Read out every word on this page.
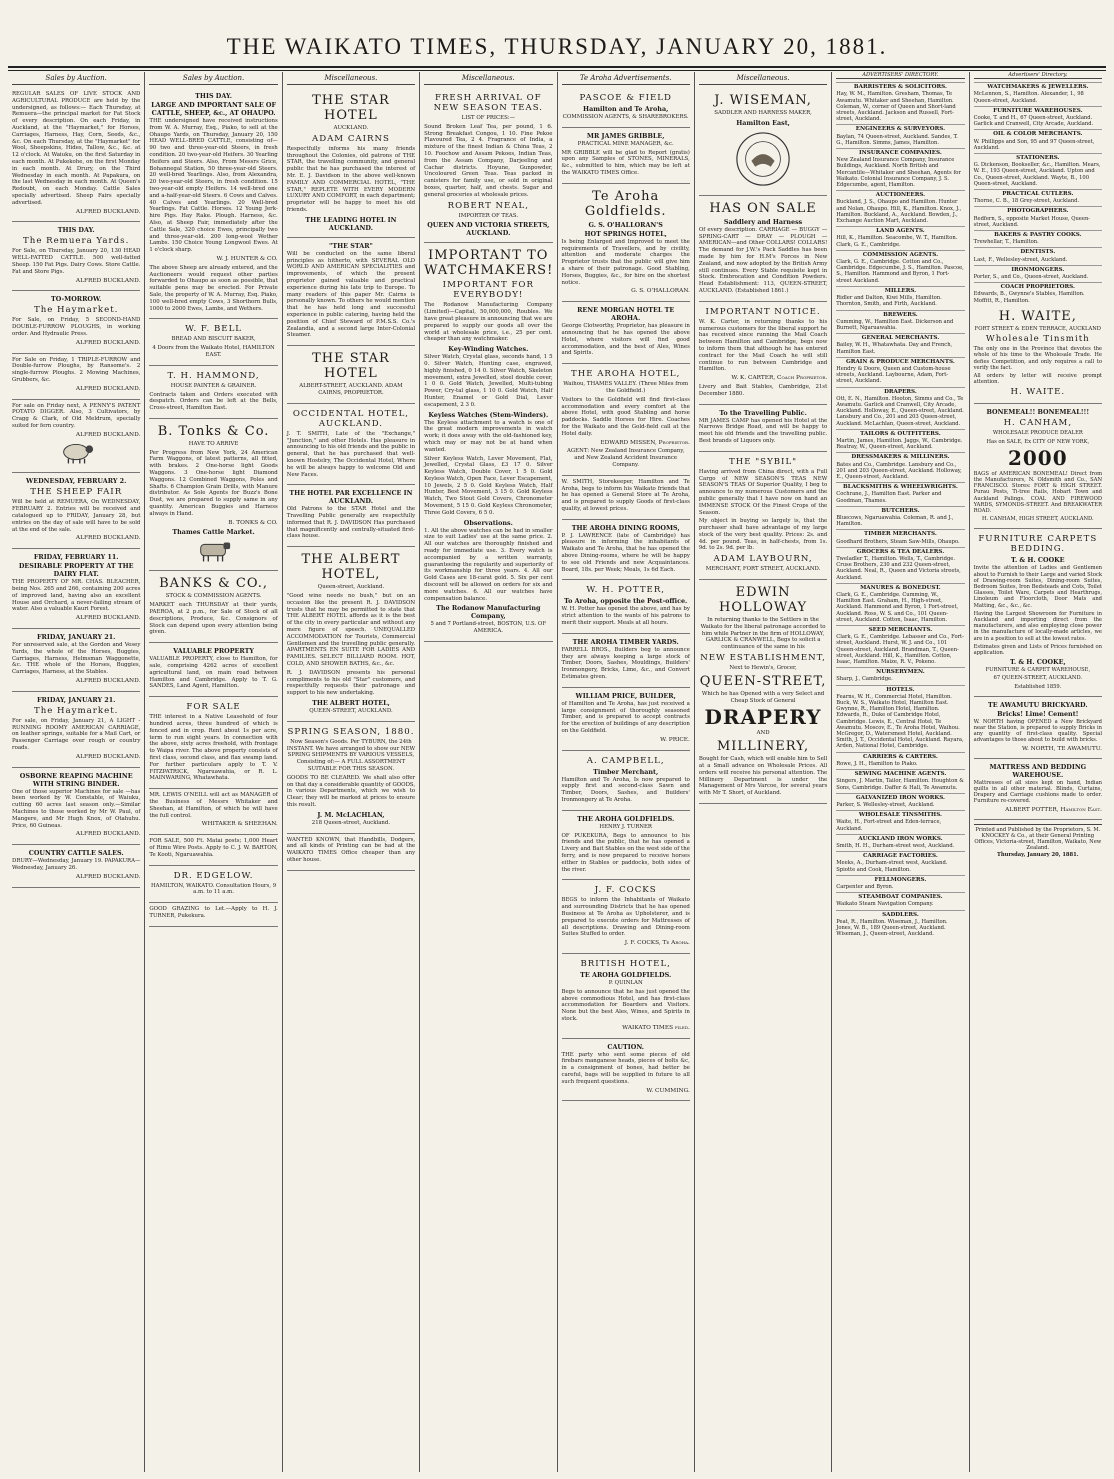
THE WAIKATO TIMES, THURSDAY, JANUARY 20, 1881.
Sales by Auction.

REGULAR SALES OF LIVE STOCK AND AGRICULTURAL PRODUCE are held by the undersigned, as follows:— Each Thursday, at Remuera—the principal market for Fat Stock of every description. On each Friday, in Auckland, at the "Haymarket," for Horses, Carriages, Harness, Hay, Corn, Seeds, &c., &c. On each Thursday, at the "Haymarket" for Wool, Sheepskins, Hides, Tallow, &c., &c. at 12 o'clock. At Waiuku, on the first Saturday in each month. At Pukekohe, on the first Monday in each month. At Drury, on the Third Wednesday in each month. At Papakura, on the last Wednesday in each month. At Queen's Redoubt, on each Monday. Cattle Sales specially advertised. Sheep Fairs specially advertised.

ALFRED BUCKLAND.

THIS DAY.
The Remuera Yards.

For Sale, on Thursday, January 20, 130 HEAD WELL-FATTED CATTLE. 500 well-fatted Sheep. 150 Fat Pigs. Dairy Cows. Store Cattle. Fat and Store Pigs.

ALFRED BUCKLAND.

TO-MORROW.
The Haymarket.

For Sale, on Friday, 5 SECOND-HAND DOUBLE-FURROW PLOUGHS, in working order. And Hydraulic Press.

ALFRED BUCKLAND.

For Sale on Friday, 1 TRIPLE-FURROW and Double-furrow Ploughs, by Ransome's. 2 single-furrow Ploughs. 2 Mowing Machines, Grubbers, &c.

ALFRED BUCKLAND.

For sale on Friday next, A PENNY'S PATENT POTATO DIGGER. Also, 3 Cultivators, by Cragg & Clark, of Old Meldrum, specially suited for fern country.

ALFRED BUCKLAND.

WEDNESDAY, FEBRUARY 2.
THE SHEEP FAIR

Will be held at REMUERA, On WEDNESDAY, FEBRUARY 2. Entries will be received and catalogued up to FRIDAY, January 28, but entries on the day of sale will have to be sold at the end of the sale.

ALFRED BUCKLAND.

FRIDAY, FEBRUARY 11.
DESIRABLE PROPERTY AT THE DAIRY FLAT.

THE PROPERTY OF MR. CHAS. BLEACHER, being Nos. 265 and 266, containing 200 acres of improved land, having also an excellent House and Orchard, a never-failing stream of water. Also a valuable Kauri Forest.

ALFRED BUCKLAND.

FRIDAY, JANUARY 21.

For unreserved sale, at the Gordon and Vesey Yards, the whole of the Horses, Buggies, Carriages, Harness, Helmsman Waggonette, &c. THE whole of the Horses, Buggies, Carriages, Harness, at the Stables.

ALFRED BUCKLAND.

FRIDAY, JANUARY 21.
The Haymarket.

For sale, on Friday, January 21, A LIGHT - RUNNING ROOMY AMERICAN CARRIAGE, on leather springs, suitable for a Mail Cart, or Passenger Carriage over rough or country roads.

ALFRED BUCKLAND.

OSBORNE REAPING MACHINE WITH STRING BINDER.

One of those superior Machines for sale —has been worked by W. Constable, of Waiuku, cutting 60 acres last season only.—Similar Machines to those worked by Mr W. Paul, of Mangere, and Mr Hugh Knox, of Otahuhu. Price, 60 Guineas.

ALFRED BUCKLAND.

COUNTRY CATTLE SALES.

DRURY—Wednesday, January 19. PAPAKURA—Wednesday, January 26.

ALFRED BUCKLAND.

Sales by Auction.
THIS DAY.
LARGE AND IMPORTANT SALE OF CATTLE, SHEEP, &c., AT OHAUPO.

THE undersigned have received instructions from W. A. Murray, Esq., Piako, to sell at the Ohaupo Yards, on Thursday, January 20, 150 HEAD WELL-BRED CATTLE, consisting of— 90 two and three-year-old Steers, in fresh condition. 20 two-year-old Heifers. 30 Yearling Heifers and Steers. Also, From Messrs Grice, Bohannegal Station, 50 three-year-old Steers. 20 well-bred Yearlings. Also, from Alexandra, 20 two-year-old Steers, in fresh condition. 15 two-year-old empty Heifers. 14 well-bred one and a-half-year-old Steers. 6 Cows and Calves. 40 Calves and Yearlings. 20 Well-bred Yearlings. Fat Cattle. Horses. 12 Young Jerk-hire Pigs. Hay Rake. Plough. Harness, &c. Also, at Sheep Fair, immediately after the Cattle Sale, 320 choice Ewes, principally two and three-year-old. 200 long-wool Wether Lambs. 150 Choice Young Longwool Ewes. At 1 o'clock sharp.

W. J. HUNTER & CO.

The above Sheep are already entered, and the Auctioneers would request other parties forwarded to Ohaupo as soon as possible, that suitable pens may be erected. For Private Sale, the property of W. A. Murray, Esq. Piako, 100 well-bred empty Cows, 3 Shorthorn Bulls, 1000 to 2000 Ewes, Lambs, and Wethers.

W. F. BELL

BREAD AND BISCUIT BAKER,

4 Doors from the Waikato Hotel, HAMILTON EAST.

T. H. HAMMOND,

HOUSE PAINTER & GRAINER.

Contracts taken and Orders executed with despatch. Orders can be left at the Bells, Cross-street, Hamilton East.

B. Tonks & Co.

HAVE TO ARRIVE

Per Progress from New York, 24 American Farm Waggons, of latest patterns, all fitted, with brakes. 2 One-horse light Goods Waggons. 3 One-horse light Diamond Waggons. 12 Combined Waggons, Poles and Shafts. 6 Champion Grain Drills, with Manure distributor. As Sole Agents for Buzz's Bone Dust, we are prepared to supply same in any quantity. American Buggies and Harness always in Hand.

B. TONKS & CO.

Thames Cattle Market.
BANKS & CO.,

STOCK & COMMISSION AGENTS.

MARKET each THURSDAY at their yards, PAEROA, at 2 p.m., for Sale of Stock of all descriptions, Produce, &c. Consignors of Stock can depend upon every attention being given.

VALUABLE PROPERTY

VALUABLE PROPERTY, close to Hamilton, for sale, comprising 4262 acres of excellent agricultural land, on main road between Hamilton and Cambridge. Apply to T. G. SANDES, Land Agent, Hamilton.

FOR SALE

THE interest in a Native Leasehold of four hundred acres, three hundred of which is fenced and in crop. Rent about 1s per acre, term to run eight years. In connection with the above, sixty acres freehold, with frontage to Waipa river. The above property consists of first class, second class, and flax swamp land. For further particulars apply to T. V. FITZPATRICK, Ngaruawahia, or R. L. MAINWARING, Whatawhata.

MR. LEWIS O'NEILL will act as MANAGER of the Business of Messrs Whitaker and Sheehan, at Hamilton, of which he will have the full control.

WHITAKER & SHEEHAN.

FOR SALE, 500 Ft. Matai posts; 1,000 Heart of Rimu Wire Posts. Apply to C. J. W. BARTON, Te Kooti, Ngaruawahia.

DR. EDGELOW.

HAMILTON, WAIKATO. Consultation Hours, 9 a.m. to 11 a.m.

GOOD GRAZING to Let.—Apply to H. J. TURNER, Pukekura.

Miscellaneous.
THE STAR HOTEL

AUCKLAND.

ADAM CAIRNS

Respectfully informs his many friends throughout the Colonies, old patrons of THE STAR, the travelling community, and general public that he has purchased the interest of Mr. E. J. Davidson in the above well-known FAMILY AND COMMERCIAL HOTEL, "THE STAR," REPLETE WITH EVERY MODERN LUXURY AND COMFORT, in each department; proprietor will be happy to meet his old friends.

THE LEADING HOTEL IN AUCKLAND.
"THE STAR"

Will be conducted on the same liberal principles as hitherto, with SEVERAL OLD WORLD AND AMERICAN SPECIALITIES and improvements, of which the present proprietor gained valuable and practical experience during his late trip to Europe. To many readers of this paper Mr. Cairns is personally known. To others he would mention that he has held long and successful experience in public catering, having held the position of Chief Steward of P.M.S.S. Co.'s Zealandia, and a second large Inter-Colonial Steamer.

THE STAR HOTEL

ALBERT-STREET, AUCKLAND. ADAM CAIRNS, PROPRIETOR.

OCCIDENTAL HOTEL, AUCKLAND.

J. T. SMITH, Late of the "Exchange," "Junction," and other Hotels. Has pleasure in announcing to his old friends and the public in general, that he has purchased that well-known Hostelry, The Occidental Hotel, Where he will be always happy to welcome Old and New Faces.

THE HOTEL PAR EXCELLENCE IN AUCKLAND.

Old Patrons to the STAR Hotel and the Travelling Public generally are respectfully informed that R. J. DAVIDSON Has purchased that magnificently and centrally-situated first-class house.

THE ALBERT HOTEL,

Queen-street, Auckland.

"Good wine needs no bush," but on an occasion like the present R. J. DAVIDSON trusts that he may be permitted to state that THE ALBERT HOTEL affords as it is the best of the city in every particular and without any mere figure of speech. UNEQUALLED ACCOMMODATION for Tourists, Commercial Gentlemen and the travelling public generally. APARTMENTS EN SUITE FOR LADIES AND FAMILIES. SELECT BILLIARD ROOM. HOT, COLD, AND SHOWER BATHS, &c., &c.

R. J. DAVIDSON presents his personal compliments to his old "Star" customers, and respectfully requests their patronage and support to his new undertaking.

THE ALBERT HOTEL,

QUEEN-STREET, AUCKLAND.

SPRING SEASON, 1880.

Now Season's Goods. Per TYBURN, the 24th INSTANT. We have arranged to show our NEW SPRING SHIPMENTS BY VARIOUS VESSELS, Consisting of:— A FULL ASSORTMENT SUITABLE FOR THIS SEASON.

GOODS TO BE CLEARED. We shall also offer on that day a considerable quantity of GOODS, in various Departments, which we wish to Clear; they will be marked at prices to ensure this result.

J. M. McLACHLAN,

218 Queen-street, Auckland.

WANTED KNOWN, that Handbills, Dodgers, and all kinds of Printing can be had at the WAIKATO TIMES Office cheaper than any other house.

Miscellaneous.
FRESH ARRIVAL OF NEW SEASON TEAS.

LIST OF PRICES:—

Sound Broken Leaf Tea, per pound, 1 6. Strong Breakfast Congou, 1 10. Fine Pekoe Flavoured Tea, 2 4. Fragrance of India, a mixture of the finest Indian & China Teas, 2 10. Foochow and Assam Pekoes, Indian Teas, from the Assam Company, Darjeeling and Cachar districts. Hoyune, Gunpowder, Uncoloured Green Teas. Teas packed in canisters for family use, or sold in original boxes, quarter, half, and chests. Sugar and general groceries at wholesale prices.

ROBERT NEAL,

IMPORTER OF TEAS.

QUEEN AND VICTORIA STREETS, AUCKLAND.
IMPORTANT TO WATCHMAKERS!
IMPORTANT FOR EVERYBODY!

The Rodanow Manufacturing Company (Limited)—Capital, 50,000,000, Roubles. We have great pleasure in announcing that we are prepared to supply our goods all over the world at wholesale price, i.e., 25 per cent. cheaper than any watchmaker.

Key-Winding Watches.

Silver Watch, Crystal glass, seconds hand, 1 5 0. Silver Watch, Hunting case, engraved, highly finished, 0 14 0. Silver Watch, Skeleton movement, extra Jewelled, steel double cover, 1 0 0. Gold Watch, Jewelled, Multi-tubing Power, Cry-tal glass, 1 10 0. Gold Watch, Half Hunter, Enamel or Gold Dial, Lever escapement, 2 3 0.

Keyless Watches (Stem-Winders).

The Keyless attachment to a watch is one of the great modern improvements in watch work; it does away with the old-fashioned key, which may or may not be at hand when wanted.

Silver Keyless Watch, Lever Movement, Flat, Jewelled, Crystal Glass, £3 17 0. Silver Keyless Watch, Double Cover, 1 5 0. Gold Keyless Watch, Open Face, Lever Escapement, 10 Jewels, 2 5 0. Gold Keyless Watch, Half Hunter, Best Movement, 3 15 0. Gold Keyless Watch, Two Stout Gold Covers, Chronometer Movement, 5 15 0. Gold Keyless Chronometer, Three Gold Covers, 6 5 0.

Observations.

1. All the above watches can be had in smaller size to suit Ladies' use at the same price. 2. All our watches are thoroughly finished and ready for immediate use. 3. Every watch is accompanied by a written warranty, guaranteeing the regularity and superiority of its workmanship for three years. 4. All our Gold Cases are 18-carat gold. 5. Six per cent discount will be allowed on orders for six and more watches. 6. All our watches have compensation balance.

The Rodanow Manufacturing Company,

5 and 7 Portland-street, BOSTON, U.S. OF AMERICA.

Te Aroha Advertisements.
PASCOE & FIELD
Hamilton and Te Aroha,

COMMISSION AGENTS, & SHAREBROKERS.

MR JAMES GRIBBLE,

PRACTICAL MINE MANAGER, &c.

MR GRIBBLE will be glad to Report (gratis) upon any Samples of STONES, MINERALS, &c., submitted to him, which may be left at the WAIKATO TIMES Office.

Te Aroha Goldfields.
G. S. O'HALLORAN'S
HOT SPRINGS HOTEL,

Is being Enlarged and Improved to meet the requirements of Travellers, and by civility, attention and moderate charges the Proprietor trusts that the public will give him a share of their patronage. Good Stabling, Horses, Buggies, &c., for hire on the shortest notice.

G. S. O'HALLORAN.

RENE MORGAN HOTEL TE AROHA.

George Clotworthy, Proprietor, has pleasure in announcing that he has opened the above Hotel, where visitors will find good accommodation, and the best of Ales, Wines and Spirits.

THE AROHA HOTEL,

Waihou, THAMES VALLEY. (Three Miles from the Goldfield.)

Visitors to the Goldfield will find first-class accommodation and every comfort at the above Hotel, with good Stabling and horse paddocks. Saddle Horses for Hire. Coaches for the Waikato and the Gold-field call at the Hotel daily.

EDWARD MISSEN, Proprietor.

AGENT: New Zealand Insurance Company, and New Zealand Accident Insurance Company.

W. SMITH, Storekeeper, Hamilton and Te Aroha, begs to inform his Waikato friends that he has opened a General Store at Te Aroha, and is prepared to supply Goods of first-class quality, at lowest prices.

THE AROHA DINING ROOMS,

P. J. LAWRENCE (late of Cambridge) has pleasure in informing the inhabitants of Waikato and Te Aroha, that he has opened the above Dining-rooms, where he will be happy to see old Friends and new Acquaintances. Board, 18s. per Week; Meals, 1s 6d Each.

W. H. POTTER,
To Aroha, opposite the Post-office.

W. H. Potter has opened the above, and has by strict attention to the wants of his patrons to merit their support. Meals at all hours.

THE AROHA TIMBER YARDS.

FARRELL BROS., Builders beg to announce they are always keeping a large stock of Timber, Doors, Sashes, Mouldings, Builders' Ironmongery, Bricks, Lime, &c., and Convert Estimates given.

WILLIAM PRICE, BUILDER,

of Hamilton and Te Aroha, has just received a large consignment of thoroughly seasoned Timber, and is prepared to accept contracts for the erection of buildings of any description on the Goldfield.

W. PRICE.

A. CAMPBELL,
Timber Merchant,

Hamilton and Te Aroha, Is now prepared to supply first and second-class Sawn and Timber, Doors, Sashes, and Builders' Ironmongery at Te Aroha.

THE AROHA GOLDFIELDS.

HENRY J. TURNER

OF PUKEKURA, Begs to announce to his friends and the public, that he has opened a Livery and Bait Stables on the west side of the ferry, and is now prepared to receive horses either in Stables or paddocks, both sides of the river.

J. F. COCKS

BEGS to inform the Inhabitants of Waikato and surrounding Districts that he has opened Business at Te Aroha as Upholsterer, and is prepared to execute orders for Mattresses of all descriptions. Drawing and Dining-room Suites Stuffed to order.

J. F. COCKS, Te Aroha.

BRITISH HOTEL,
TE AROHA GOLDFIELDS.

P. QUINLAN

Begs to announce that he has just opened the above commodious Hotel, and has first-class accommodation for Boarders and Visitors. None but the best Ales, Wines, and Spirits in stock.

WAIKATO TIMES filed.

CAUTION.

THE party who sent some pieces of old firebars manganese heads, pieces of bolts &c, in a consignment of bones, had better be careful, bags will be supplied in future to all such frequent questions.

W. CUMMING.

Miscellaneous.
J. WISEMAN,

SADDLER AND HARNESS MAKER,

Hamilton East,
HAS ON SALE
Saddlery and Harness

Of every description. CARRIAGE — BUGGY — SPRING-CART — DRAY — PLOUGH — AMERICAN—and Other COLLARS! COLLARS! The demand for J.W.'s Pack Saddles has been made by him for H.M's Forces in New Zealand, and now adopted by the British Army still continues. Every Stable requisite kept in Stock. Embrocation and Condition Powders. Head Establishment: 113, QUEEN-STREET, AUCKLAND. (Established 1861.)

IMPORTANT NOTICE.

W. K. Carter, in returning thanks to his numerous customers for the liberal support he has received since running the Mail Coach between Hamilton and Cambridge, begs now to inform them that although he has entered contract for the Mail Coach he will still continue to run between Cambridge and Hamilton.

W. K. CARTER, Coach Proprietor.

Livery and Bait Stables, Cambridge, 21st December 1880.

To the Travelling Public.

MR JAMES CAMP has opened his Hotel at the Narrows Bridge Road, and will be happy to meet his old friends and the travelling public. Best brands of Liquors only.

THE "SYBIL"

Having arrived from China direct, with a Full Cargo of NEW SEASON'S TEAS NEW SEASON'S TEAS Of Superior Quality, I beg to announce to my numerous Customers and the public generally that I have now on hand an IMMENSE STOCK Of the Finest Crops of the Season.

My object in buying so largely is, that the purchaser shall have advantage of my large stock of the very best quality. Prices: 2s. and 4d. per pound. Teas, in half-chests, from 1s. 9d. to 2s. 9d. per lb.

ADAM LAYBOURN,

MERCHANT, FORT STREET, AUCKLAND.

EDWIN HOLLOWAY

In returning thanks to the Settlers in the Waikato for the liberal patronage accorded to him while Partner in the firm of HOLLOWAY, GARLICK & CRANWELL, Begs to solicit a continuance of the same in his

NEW ESTABLISHMENT,

Next to Hewin's, Grocer,

QUEEN-STREET,

Which he has Opened with a very Select and Cheap Stock of General

DRAPERY

AND

MILLINERY,

Bought for Cash, which will enable him to Sell at a Small advance on Wholesale Prices. All orders will receive his personal attention. The Millinery Department is under the Management of Mrs Varcoe, for several years with Mr T. Short, of Auckland.

ADVERTISERS' DIRECTORY.
BARRISTERS & SOLICITORS.
Hay, W. M., Hamilton. Gresham, Thomas, Te Awamutu. Whitaker and Sheehan, Hamilton. Coleman, W., corner of Queen and Short-land streets, Auckland. Jackson and Russell, Fort-street, Auckland.
ENGINEERS & SURVEYORS.
Baylan, 74 Queen-street, Auckland. Sandes, T. G., Hamilton. Simms, James, Hamilton.
INSURANCE COMPANIES.
New Zealand Insurance Company, Insurance Buildings, Auckland. North British and Mercantile—Whitaker and Sheehan, Agents for Waikato. Colonial Insurance Company, J. S. Edgecumbe, agent, Hamilton.
AUCTIONEERS.
Buckland, J. S., Ohaupo and Hamilton. Hunter and Nolan, Ohaupo. Hill, K., Hamilton. Knox, J., Hamilton. Buckland, A., Auckland. Bowden, J., Exchange Auction Mart, Auckland.
LAND AGENTS.
Hill, K., Hamilton. Seacombe, W. T., Hamilton. Clark, G. E., Cambridge.
COMMISSION AGENTS.
Clark, G. E., Cambridge. Cotton and Co., Cambridge. Edgecumbe, J. S., Hamilton. Pascoe, S., Hamilton. Hammond and Byron, 1 Fort-street Auckland.
MILLERS.
Ridler and Dalton, Kiwi Mills, Hamilton. Thornton, Smith, and Firth, Auckland.
BREWERS.
Cumming, W., Hamilton East. Dickerson and Burnett, Ngaruawahia.
GENERAL MERCHANTS.
Bailey, W. H., Whatawhata. Day and French, Hamilton East.
GRAIN & PRODUCE MERCHANTS.
Hendry & Doore, Queen and Custom-house streets, Auckland. Laybourne, Adam, Fort-street, Auckland.
DRAPERS.
Ott, E. N., Hamilton. Hooton, Simms and Co., Te Awamutu. Garlick and Cranwell, City Arcade, Auckland. Holloway, E., Queen-street, Auckland. Lansbury and Co., 201 and 203 Queen-street, Auckland. McLachlan, Queen-street, Auckland.
TAILORS & OUTFITTERS.
Martin, James, Hamilton. Jaggs, W., Cambridge. Reatray, W., Queen-street, Auckland.
DRESSMAKERS & MILLINERS.
Bates and Co., Cambridge. Lansbury and Co., 201 and 203 Queen-street, Auckland. Holloway, E., Queen-street, Auckland.
BLACKSMITHS & WHEELWRIGHTS.
Cochrane, J., Hamilton East. Parker and Goodman, Thames.
BUTCHERS.
Bluecows, Ngaruawahia. Coleman, R. and J., Hamilton.
TIMBER MERCHANTS.
Goodhard Brothers, Steam Saw-Mills, Ohaupo.
GROCERS & TEA DEALERS.
Tweladler T., Hamilton. Wells, T., Cambridge. Cruse Brothers, 230 and 232 Queen-street, Auckland. Neal, R., Queen and Victoria streets, Auckland.
MANURES & BONEDUST.
Clark, G. E., Cambridge. Cumming, W., Hamilton East. Graham, H., High-street, Auckland. Hammond and Byron, 1 Fort-street, Auckland. Ross, W. S. and Co., 101 Queen-street, Auckland. Cotton, Isaac, Hamilton.
SEED MERCHANTS.
Clark, G. E., Cambridge. Lebasser and Co., Fort-street, Auckland. Hurst, W. J. and Co., 101 Queen-street, Auckland. Brandman, T., Queen-street, Auckland. Hill, K., Hamilton. Cotton, Isaac, Hamilton. Maize, R. V., Pokeno.
NURSERYMEN.
Sharp, J., Cambridge.
HOTELS.
Fearns, W. H., Commercial Hotel, Hamilton. Buck, W. S., Waikato Hotel, Hamilton East. Gwynne, R., Hamilton Hotel, Hamilton. Edwards, R., Duke of Cambridge Hotel, Cambridge. Lewis, E., Central Hotel, Te Awamutu. Moscov, E., Te Aroha Hotel, Waihou. McGregor, D., Watersmeet Hotel, Auckland. Smith, J. T., Occidental Hotel, Auckland. Rayara, Arden, National Hotel, Cambridge.
CARRIERS & CARTERS.
Rowe, J. H., Hamilton to Piako.
SEWING MACHINE AGENTS.
Singers, J. Martin, Tailor, Hamilton. Houghton & Sons, Cambridge. Daffer & Hall, Te Awamutu.
GALVANIZED IRON WORKS.
Parker, S. Wellesley-street, Auckland.
WHOLESALE TINSMITHS.
Waite, H., Fort-street and Eden-terrace, Auckland.
AUCKLAND IRON WORKS.
Smith, H. H., Durham-street west, Auckland.
CARRIAGE FACTORIES.
Meeks, A., Durham-street west, Auckland. Spiotte and Cook, Hamilton.
FELLMONGERS.
Carpenter and Byron.
STEAMBOAT COMPANIES.
Waikato Steam Navigation Company.
SADDLERS.
Peat, R., Hamilton. Wiseman, J., Hamilton. Jones, W. B., 189 Queen-street, Auckland. Wiseman, J., Queen-street, Auckland.
Advertisers' Directory.
WATCHMAKERS & JEWELLERS.
McLennon, S., Hamilton. Alexander, I., 98 Queen-street, Auckland.
FURNITURE WAREHOUSES.
Cooke, T. and H., 67 Queen-street, Auckland. Garlick and Cranwell, City Arcade, Auckland.
OIL & COLOR MERCHANTS.
W. Phillipps and Son, 95 and 97 Queen-street, Auckland.
STATIONERS.
G. Dickenson, Bookseller, &c., Hamilton. Mears, W. E., 193 Queen-street, Auckland. Upton and Co., Queen-street, Auckland. Wayte, B., 100 Queen-street, Auckland.
PRACTICAL CUTLERS.
Thorne, C. B., 18 Grey-street, Auckland.
PHOTOGRAPHERS.
Redfern, S., opposite Market House, Queen-street, Auckland.
BAKERS & PASTRY COOKS.
Trewhellar, T., Hamilton.
DENTISTS.
Last, F., Wellesley-street, Auckland.
IRONMONGERS.
Porter, S., and Co., Queen-street, Auckland.
COACH PROPRIETORS.
Edwards, B., Gwynne's Stables, Hamilton. Moffitt, R., Hamilton.
H. WAITE,

FORT STREET & EDEN TERRACE, AUCKLAND

Wholesale Tinsmith

The only one in the Province that devotes the whole of his time to the Wholesale Trade. He defies Competition, and only requires a call to verify the fact.

All orders by letter will receive prompt attention.

H. WAITE.
BONEMEAL!! BONEMEAL!!!
H. CANHAM,

WHOLESALE PRODUCE DEALER

Has on SALE, Ex CITY OF NEW YORK,

2000

BAGS of AMERICAN BONEMEAL! Direct from the Manufacturers, N. Oldsmith and Co., SAN FRANCISCO. Stores: FORT & HIGH STREET. Purau Posts, Ti-tree Rails, Hobart Town and Auckland Palings. COAL AND FIREWOOD YARDS, SYMONDS-STREET. And BREAKWATER ROAD.

H. CANHAM, HIGH STREET, AUCKLAND.

FURNITURE CARPETS BEDDING.
T. & H. COOKE

Invite the attention of Ladies and Gentlemen about to Furnish to their Large and varied Stock of Drawing-room Suites, Dining-room Suites, Bedroom Suites, Iron Bedsteads and Cots, Toilet Glasses, Toilet Ware, Carpets and Hearthrugs, Linoleum and Floorcloth, Door Mats and Matting, &c., &c., &c.

Having the Largest Showroom for Furniture in Auckland and importing direct from the manufacturers, and also employing close power in the manufacture of locally-made articles, we are in a position to sell at the lowest rates.

Estimates given and Lists of Prices furnished on application.

T. & H. COOKE,

FURNITURE & CARPET WAREHOUSE,

67 QUEEN-STREET, AUCKLAND.

Established 1859.

TE AWAMUTU BRICKYARD.
Bricks! Lime! Cement!

W. NORTH having OPENED a New Brickyard near the Station, is prepared to supply Bricks in any quantity of first-class quality. Special advantages to those about to build with bricks.

W. NORTH, TE AWAMUTU.

MATTRESS AND BEDDING WAREHOUSE.

Mattresses of all sizes kept on hand, Indian quilts in all other material. Blinds, Curtains, Drapery and Carriage cushions made to order. Furniture re-covered.

ALBERT POTTER, Hamilton East.

Printed and Published by the Proprietors, S. M. KNOCKEY & Co., at their General Printing Offices, Victoria-street, Hamilton, Waikato, New Zealand.
Thursday, January 20, 1881.
